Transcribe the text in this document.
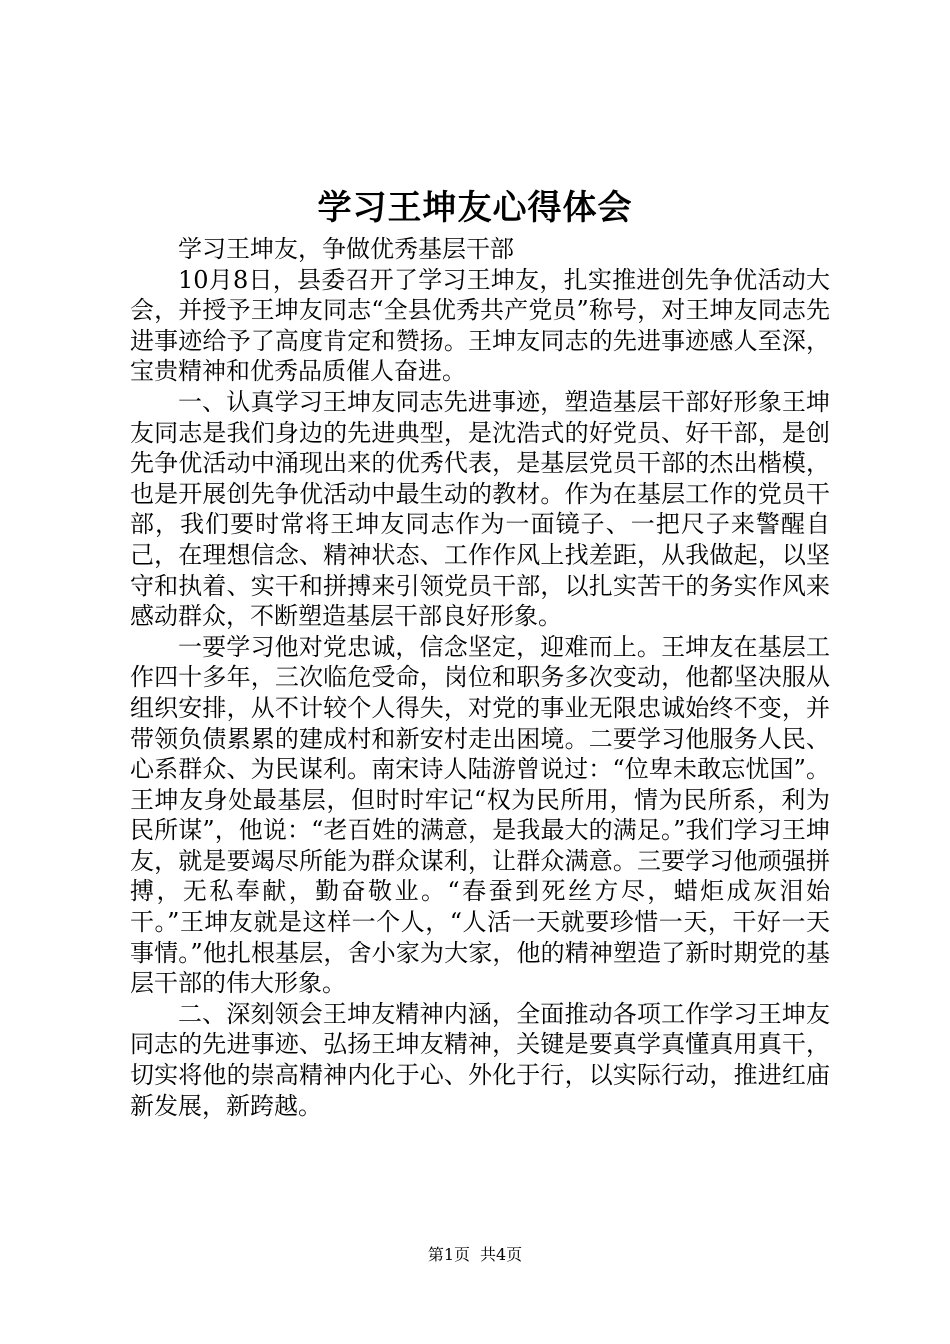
学习王坤友心得体会

学习王坤友，争做优秀基层干部

10月8日，县委召开了学习王坤友，扎实推进创先争优活动大会，并授予王坤友同志“全县优秀共产党员”称号，对王坤友同志先进事迹给予了高度肯定和赞扬。王坤友同志的先进事迹感人至深，宝贵精神和优秀品质催人奋进。

一、认真学习王坤友同志先进事迹，塑造基层干部好形象王坤友同志是我们身边的先进典型，是沈浩式的好党员、好干部，是创先争优活动中涌现出来的优秀代表，是基层党员干部的杰出楷模，也是开展创先争优活动中最生动的教材。作为在基层工作的党员干部，我们要时常将王坤友同志作为一面镜子、一把尺子来警醒自己，在理想信念、精神状态、工作作风上找差距，从我做起，以坚守和执着、实干和拼搏来引领党员干部，以扎实苦干的务实作风来感动群众，不断塑造基层干部良好形象。

一要学习他对党忠诚，信念坚定，迎难而上。王坤友在基层工作四十多年，三次临危受命，岗位和职务多次变动，他都坚决服从组织安排，从不计较个人得失，对党的事业无限忠诚始终不变，并带领负债累累的建成村和新安村走出困境。二要学习他服务人民、心系群众、为民谋利。南宋诗人陆游曾说过：“位卑未敢忘忧国”。王坤友身处最基层，但时时牢记“权为民所用，情为民所系，利为民所谋”，他说：“老百姓的满意，是我最大的满足。”我们学习王坤友，就是要竭尽所能为群众谋利，让群众满意。三要学习他顽强拼搏，无私奉献，勤奋敬业。“春蚕到死丝方尽，蜡炬成灰泪始干。”王坤友就是这样一个人，“人活一天就要珍惜一天，干好一天事情。”他扎根基层，舍小家为大家，他的精神塑造了新时期党的基层干部的伟大形象。

二、深刻领会王坤友精神内涵，全面推动各项工作学习王坤友同志的先进事迹、弘扬王坤友精神，关键是要真学真懂真用真干，切实将他的崇高精神内化于心、外化于行，以实际行动，推进红庙新发展，新跨越。

第1页 共4页
